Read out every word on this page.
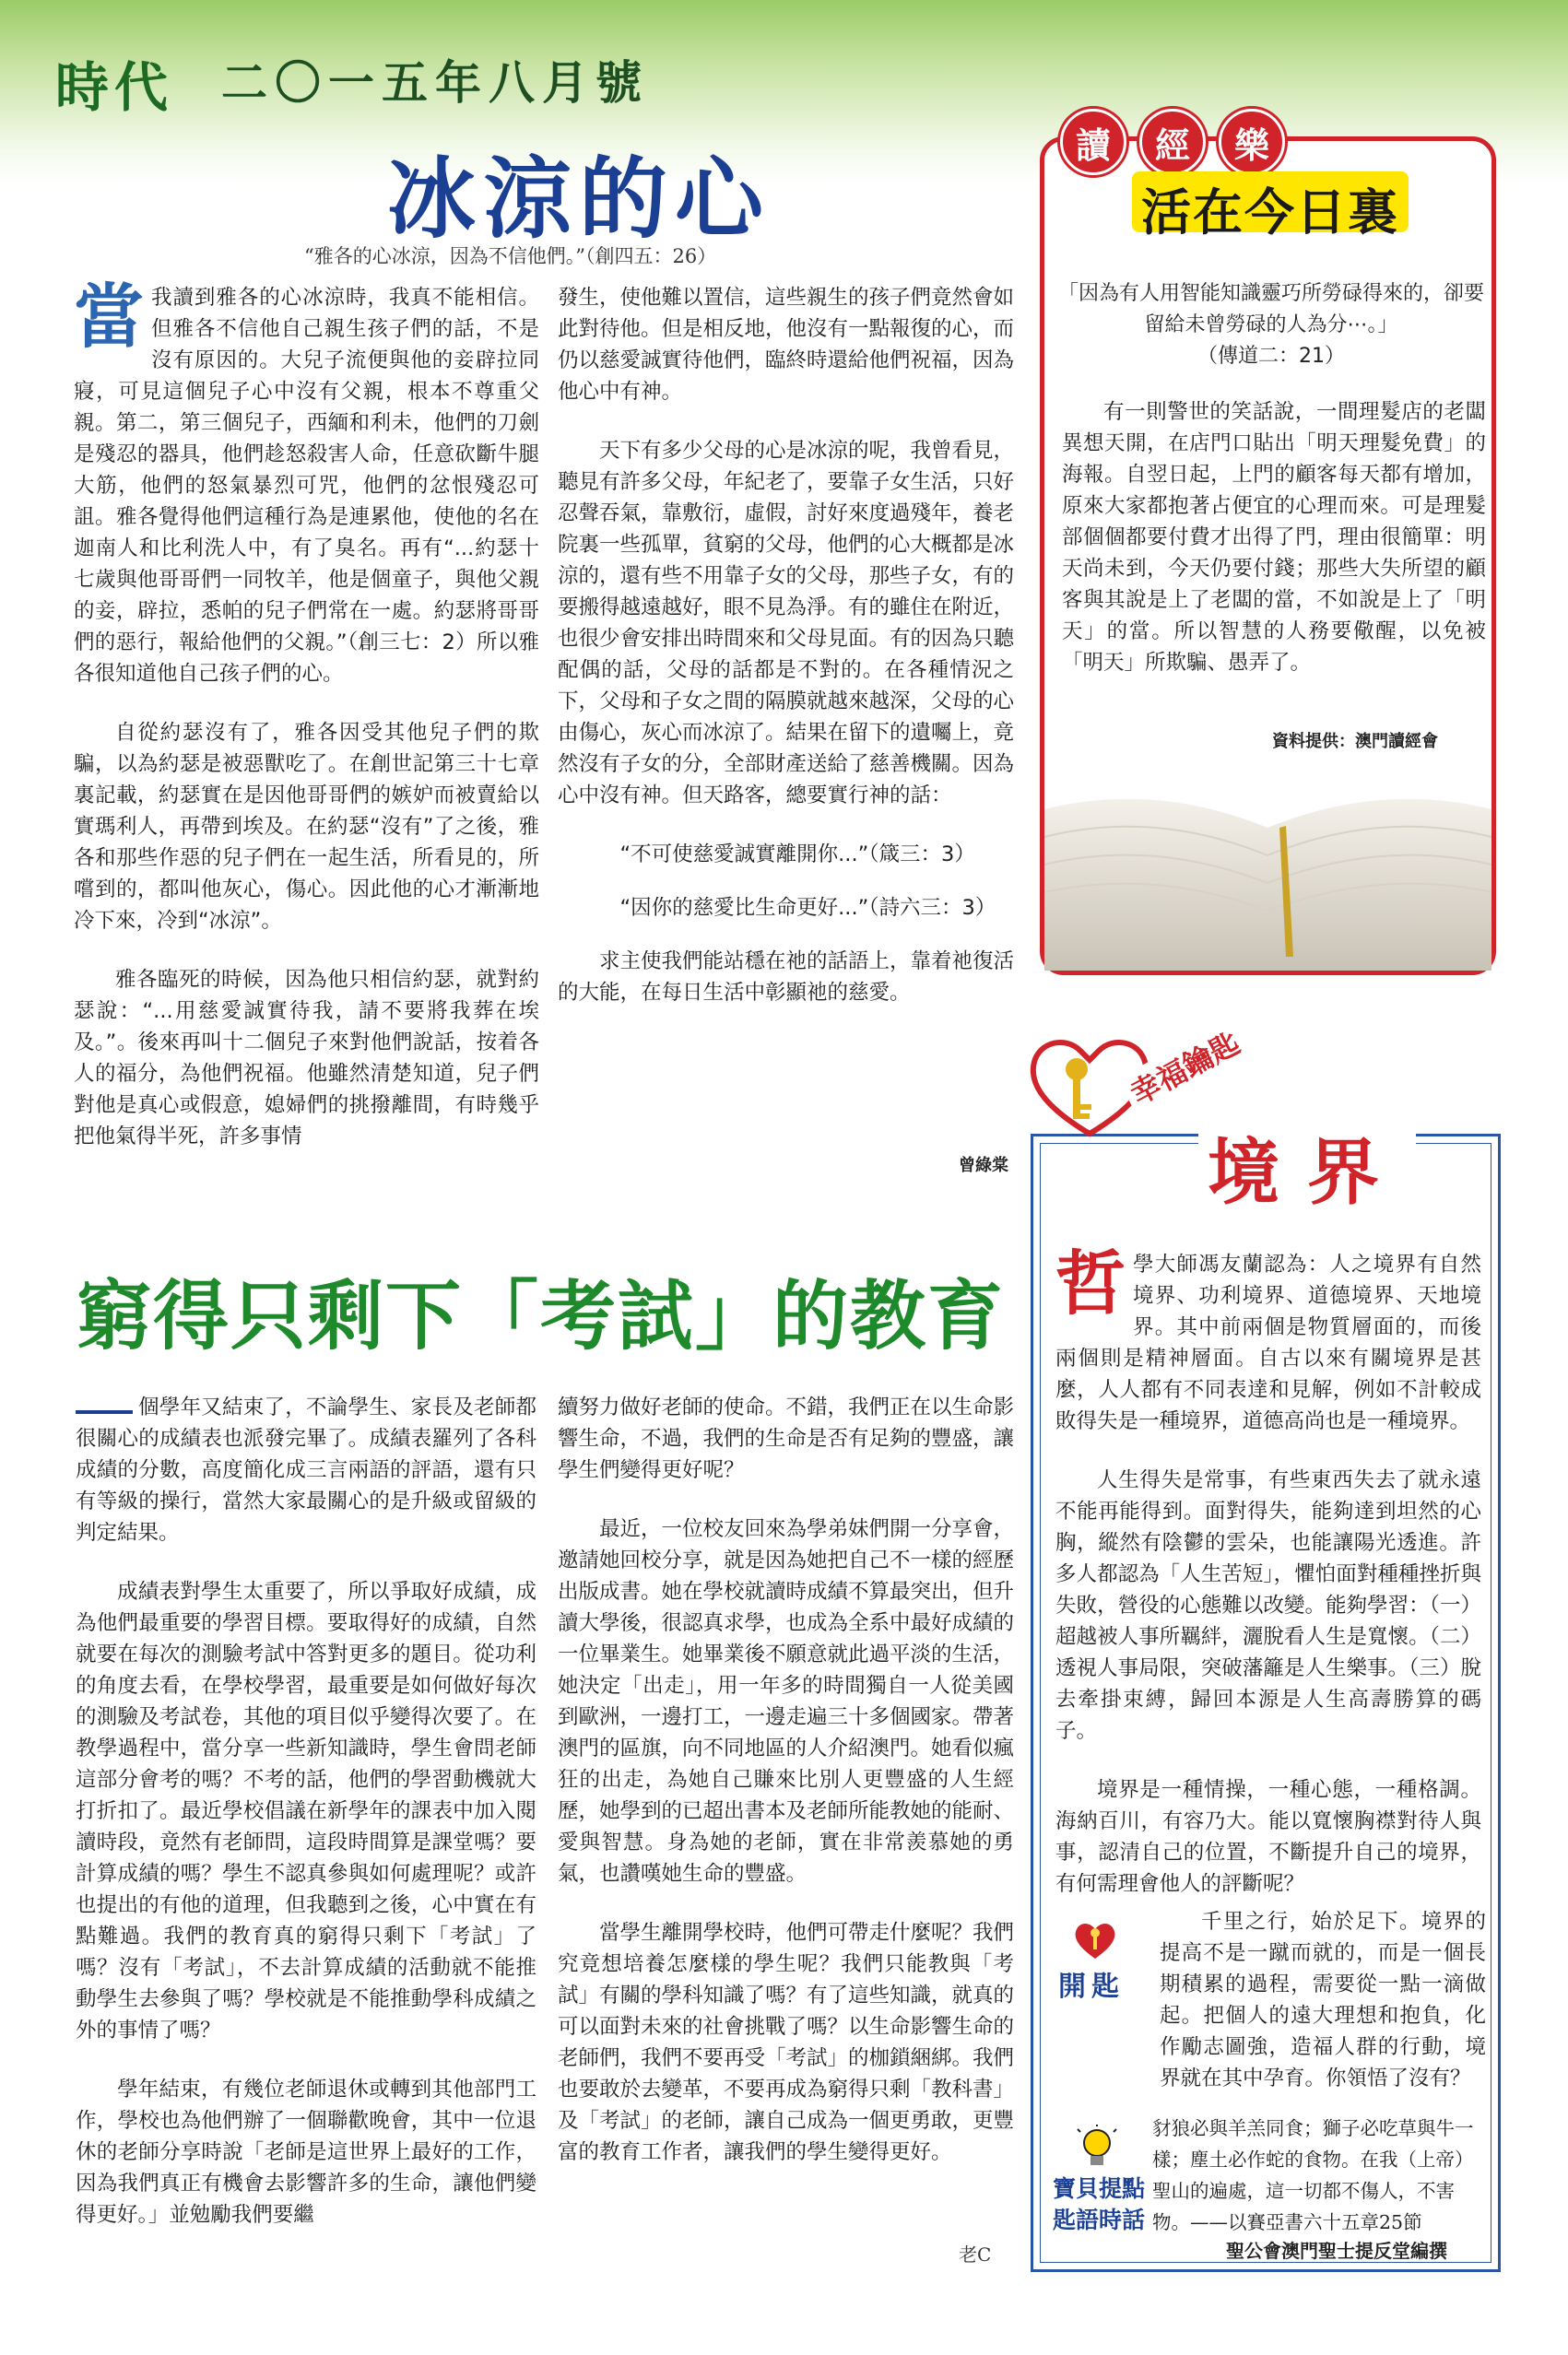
時代 二〇一五年八月號
冰涼的心
“雅各的心冰涼，因為不信他們。”（創四五：26）

當我讀到雅各的心冰涼時，我真不能相信。但雅各不信他自己親生孩子們的話，不是沒有原因的。大兒子流便與他的妾辟拉同寢，可見這個兒子心中沒有父親，根本不尊重父親。第二，第三個兒子，西緬和利未，他們的刀劍是殘忍的器具，他們趁怒殺害人命，任意砍斷牛腿大筋，他們的怒氣暴烈可咒，他們的忿恨殘忍可詛。雅各覺得他們這種行為是連累他，使他的名在迦南人和比利洗人中，有了臭名。再有“...約瑟十七歲與他哥哥們一同牧羊，他是個童子，與他父親的妾，辟拉，悉帕的兒子們常在一處。約瑟將哥哥們的惡行，報給他們的父親。”（創三七：2）所以雅各很知道他自己孩子們的心。

自從約瑟沒有了，雅各因受其他兒子們的欺騙，以為約瑟是被惡獸吃了。在創世記第三十七章裏記載，約瑟實在是因他哥哥們的嫉妒而被賣給以實瑪利人，再帶到埃及。在約瑟“沒有”了之後，雅各和那些作惡的兒子們在一起生活，所看見的，所嚐到的，都叫他灰心，傷心。因此他的心才漸漸地冷下來，冷到“冰涼”。

雅各臨死的時候，因為他只相信約瑟，就對約瑟說：“...用慈愛誠實待我，請不要將我葬在埃及。”。後來再叫十二個兒子來對他們說話，按着各人的福分，為他們祝福。他雖然清楚知道，兒子們對他是真心或假意，媳婦們的挑撥離間，有時幾乎把他氣得半死，許多事情

發生，使他難以置信，這些親生的孩子們竟然會如此對待他。但是相反地，他沒有一點報復的心，而仍以慈愛誠實待他們，臨終時還給他們祝福，因為他心中有神。

天下有多少父母的心是冰涼的呢，我曾看見，聽見有許多父母，年紀老了，要靠子女生活，只好忍聲吞氣，靠敷衍，虛假，討好來度過殘年，養老院裏一些孤單，貧窮的父母，他們的心大概都是冰涼的，還有些不用靠子女的父母，那些子女，有的要搬得越遠越好，眼不見為淨。有的雖住在附近，也很少會安排出時間來和父母見面。有的因為只聽配偶的話，父母的話都是不對的。在各種情況之下，父母和子女之間的隔膜就越來越深，父母的心由傷心，灰心而冰涼了。結果在留下的遺囑上，竟然沒有子女的分，全部財產送給了慈善機關。因為心中沒有神。但天路客，總要實行神的話：

“不可使慈愛誠實離開你...”（箴三：3）

“因你的慈愛比生命更好...”（詩六三：3）

求主使我們能站穩在祂的話語上，靠着祂復活的大能，在每日生活中彰顯祂的慈愛。

曾綠棠
窮得只剩下「考試」的教育

個學年又結束了，不論學生、家長及老師都很關心的成績表也派發完畢了。成績表羅列了各科成績的分數，高度簡化成三言兩語的評語，還有只有等級的操行，當然大家最關心的是升級或留級的判定結果。

成績表對學生太重要了，所以爭取好成績，成為他們最重要的學習目標。要取得好的成績，自然就要在每次的測驗考試中答對更多的題目。從功利的角度去看，在學校學習，最重要是如何做好每次的測驗及考試卷，其他的項目似乎變得次要了。在教學過程中，當分享一些新知識時，學生會問老師這部分會考的嗎？不考的話，他們的學習動機就大打折扣了。最近學校倡議在新學年的課表中加入閱讀時段，竟然有老師問，這段時間算是課堂嗎？要計算成績的嗎？學生不認真參與如何處理呢？或許也提出的有他的道理，但我聽到之後，心中實在有點難過。我們的教育真的窮得只剩下「考試」了嗎？沒有「考試」，不去計算成績的活動就不能推動學生去參與了嗎？學校就是不能推動學科成績之外的事情了嗎？

學年結束，有幾位老師退休或轉到其他部門工作，學校也為他們辦了一個聯歡晚會，其中一位退休的老師分享時說「老師是這世界上最好的工作，因為我們真正有機會去影響許多的生命，讓他們變得更好。」並勉勵我們要繼

續努力做好老師的使命。不錯，我們正在以生命影響生命，不過，我們的生命是否有足夠的豐盛，讓學生們變得更好呢？

最近，一位校友回來為學弟妹們開一分享會，邀請她回校分享，就是因為她把自己不一樣的經歷出版成書。她在學校就讀時成績不算最突出，但升讀大學後，很認真求學，也成為全系中最好成績的一位畢業生。她畢業後不願意就此過平淡的生活，她決定「出走」，用一年多的時間獨自一人從美國到歐洲，一邊打工，一邊走遍三十多個國家。帶著澳門的區旗，向不同地區的人介紹澳門。她看似瘋狂的出走，為她自己賺來比別人更豐盛的人生經歷，她學到的已超出書本及老師所能教她的能耐、愛與智慧。身為她的老師，實在非常羨慕她的勇氣，也讚嘆她生命的豐盛。

當學生離開學校時，他們可帶走什麼呢？我們究竟想培養怎麼樣的學生呢？我們只能教與「考試」有關的學科知識了嗎？有了這些知識，就真的可以面對未來的社會挑戰了嗎？以生命影響生命的老師們，我們不要再受「考試」的枷鎖綑綁。我們也要敢於去變革，不要再成為窮得只剩「教科書」及「考試」的老師，讓自己成為一個更勇敢，更豐富的教育工作者，讓我們的學生變得更好。

老C
讀	經	樂
活在今日裏
「因為有人用智能知識靈巧所勞碌得來的，卻要留給未曾勞碌的人為分⋯。」
（傳道二：21）

有一則警世的笑話說，一間理髮店的老闆異想天開，在店門口貼出「明天理髮免費」的海報。自翌日起，上門的顧客每天都有增加，原來大家都抱著占便宜的心理而來。可是理髮部個個都要付費才出得了門，理由很簡單：明天尚未到，今天仍要付錢；那些大失所望的顧客與其說是上了老闆的當，不如說是上了「明天」的當。所以智慧的人務要儆醒，以免被「明天」所欺騙、愚弄了。

資料提供：澳門讀經會
幸福鑰匙
境界

哲學大師馮友蘭認為：人之境界有自然境界、功利境界、道德境界、天地境界。其中前兩個是物質層面的，而後兩個則是精神層面。自古以來有關境界是甚麼，人人都有不同表達和見解，例如不計較成敗得失是一種境界，道德高尚也是一種境界。

人生得失是常事，有些東西失去了就永遠不能再能得到。面對得失，能夠達到坦然的心胸，縱然有陰鬱的雲朵，也能讓陽光透進。許多人都認為「人生苦短」，懼怕面對種種挫折與失敗，營役的心態難以改變。能夠學習：（一）超越被人事所羈絆，灑脫看人生是寬懷。（二）透視人事局限，突破藩籬是人生樂事。（三）脫去牽掛束縛，歸回本源是人生高壽勝算的碼子。

境界是一種情操，一種心態，一種格調。海納百川，有容乃大。能以寬懷胸襟對待人與事，認清自己的位置，不斷提升自己的境界，有何需理會他人的評斷呢？

開匙

千里之行，始於足下。境界的提高不是一蹴而就的，而是一個長期積累的過程，需要從一點一滴做起。把個人的遠大理想和抱負，化作勵志圖強，造福人群的行動，境界就在其中孕育。你領悟了沒有？

寶貝提點匙語時話
豺狼必與羊羔同食；獅子必吃草與牛一樣；塵土必作蛇的食物。在我（上帝）聖山的遍處，這一切都不傷人，不害物。——以賽亞書六十五章25節
聖公會澳門聖士提反堂編撰
